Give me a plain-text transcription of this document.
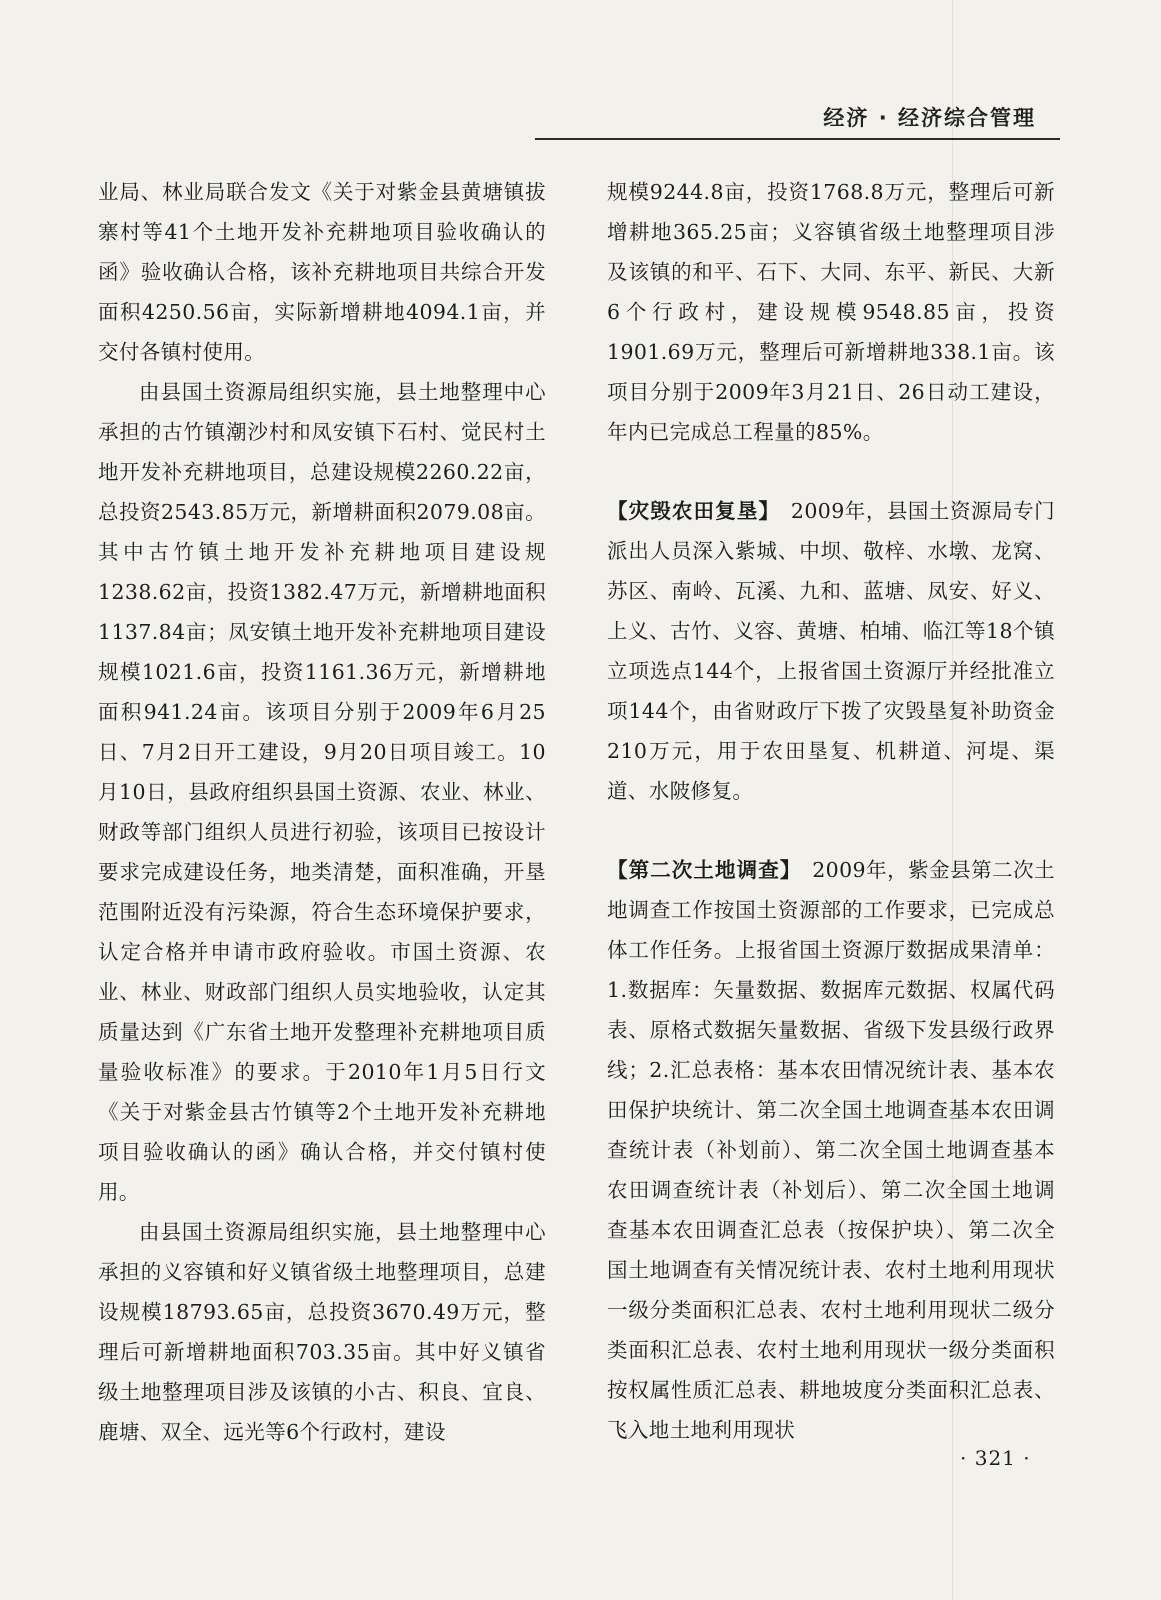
经济 · 经济综合管理

业局、林业局联合发文《关于对紫金县黄塘镇拔寨村等41个土地开发补充耕地项目验收确认的函》验收确认合格，该补充耕地项目共综合开发面积4250.56亩，实际新增耕地4094.1亩，并交付各镇村使用。

由县国土资源局组织实施，县土地整理中心承担的古竹镇潮沙村和凤安镇下石村、觉民村土地开发补充耕地项目，总建设规模2260.22亩，总投资2543.85万元，新增耕面积2079.08亩。其中古竹镇土地开发补充耕地项目建设规1238.62亩，投资1382.47万元，新增耕地面积1137.84亩；凤安镇土地开发补充耕地项目建设规模1021.6亩，投资1161.36万元，新增耕地面积941.24亩。该项目分别于2009年6月25日、7月2日开工建设，9月20日项目竣工。10月10日，县政府组织县国土资源、农业、林业、财政等部门组织人员进行初验，该项目已按设计要求完成建设任务，地类清楚，面积准确，开垦范围附近没有污染源，符合生态环境保护要求，认定合格并申请市政府验收。市国土资源、农业、林业、财政部门组织人员实地验收，认定其质量达到《广东省土地开发整理补充耕地项目质量验收标准》的要求。于2010年1月5日行文《关于对紫金县古竹镇等2个土地开发补充耕地项目验收确认的函》确认合格，并交付镇村使用。

由县国土资源局组织实施，县土地整理中心承担的义容镇和好义镇省级土地整理项目，总建设规模18793.65亩，总投资3670.49万元，整理后可新增耕地面积703.35亩。其中好义镇省级土地整理项目涉及该镇的小古、积良、宜良、鹿塘、双全、远光等6个行政村，建设

规模9244.8亩，投资1768.8万元，整理后可新增耕地365.25亩；义容镇省级土地整理项目涉及该镇的和平、石下、大同、东平、新民、大新6个行政村，建设规模9548.85亩，投资1901.69万元，整理后可新增耕地338.1亩。该项目分别于2009年3月21日、26日动工建设，年内已完成总工程量的85%。

【灾毁农田复垦】　2009年，县国土资源局专门派出人员深入紫城、中坝、敬梓、水墩、龙窝、苏区、南岭、瓦溪、九和、蓝塘、凤安、好义、上义、古竹、义容、黄塘、柏埔、临江等18个镇立项选点144个，上报省国土资源厅并经批准立项144个，由省财政厅下拨了灾毁垦复补助资金210万元，用于农田垦复、机耕道、河堤、渠道、水陂修复。

【第二次土地调查】　2009年，紫金县第二次土地调查工作按国土资源部的工作要求，已完成总体工作任务。上报省国土资源厅数据成果清单：1.数据库：矢量数据、数据库元数据、权属代码表、原格式数据矢量数据、省级下发县级行政界线；2.汇总表格：基本农田情况统计表、基本农田保护块统计、第二次全国土地调查基本农田调查统计表（补划前）、第二次全国土地调查基本农田调查统计表（补划后）、第二次全国土地调查基本农田调查汇总表（按保护块）、第二次全国土地调查有关情况统计表、农村土地利用现状一级分类面积汇总表、农村土地利用现状二级分类面积汇总表、农村土地利用现状一级分类面积按权属性质汇总表、耕地坡度分类面积汇总表、飞入地土地利用现状

· 321 ·
